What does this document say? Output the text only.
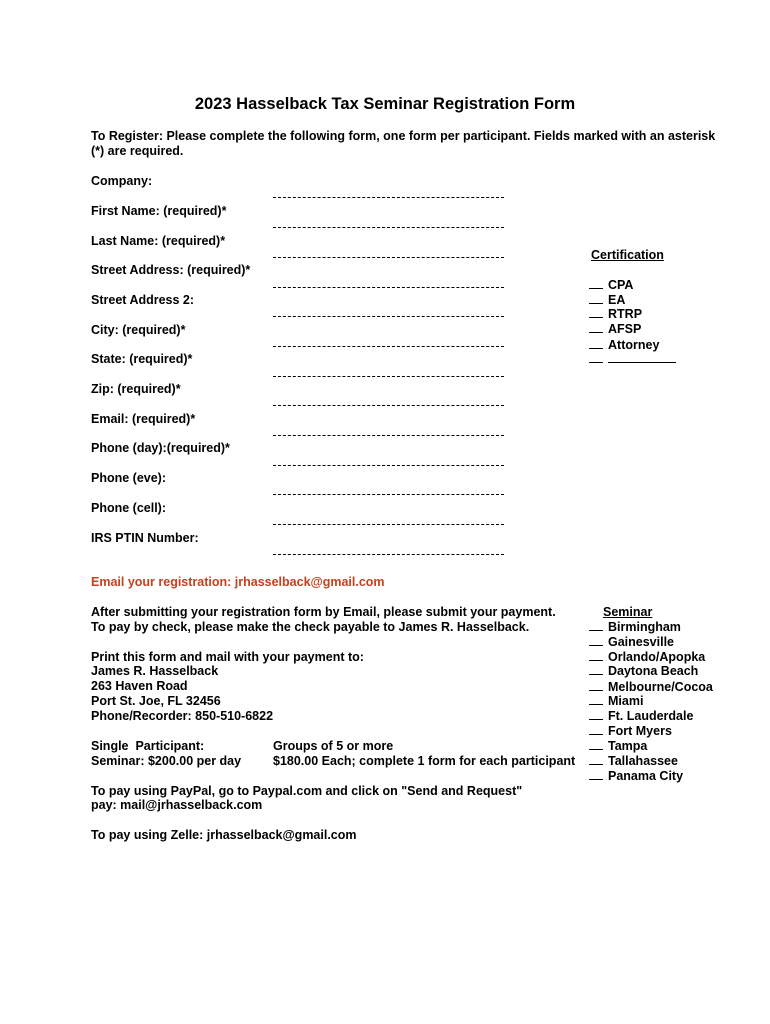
2023 Hasselback Tax Seminar Registration Form
To Register: Please complete the following form, one form per participant. Fields marked with an asterisk (*) are required.
Company:
First Name: (required)*
Last Name: (required)*
Street Address: (required)*
Street Address 2:
City: (required)*
State: (required)*
Zip: (required)*
Email: (required)*
Phone (day):(required)*
Phone (eve):
Phone (cell):
IRS PTIN Number:
Certification
CPA
EA
RTRP
AFSP
Attorney
Email your registration: jrhasselback@gmail.com
After submitting your registration form by Email, please submit your payment.
To pay by check, please make the check payable to James R. Hasselback.
Print this form and mail with your payment to:
James R. Hasselback
263 Haven Road
Port St. Joe, FL 32456
Phone/Recorder: 850-510-6822
Single  Participant:
Seminar: $200.00 per day
Groups of 5 or more
$180.00 Each; complete 1 form for each participant
To pay using PayPal, go to Paypal.com and click on "Send and Request"
pay: mail@jrhasselback.com
To pay using Zelle: jrhasselback@gmail.com
Seminar
Birmingham
Gainesville
Orlando/Apopka
Daytona Beach
Melbourne/Cocoa
Miami
Ft. Lauderdale
Fort Myers
Tampa
Tallahassee
Panama City
